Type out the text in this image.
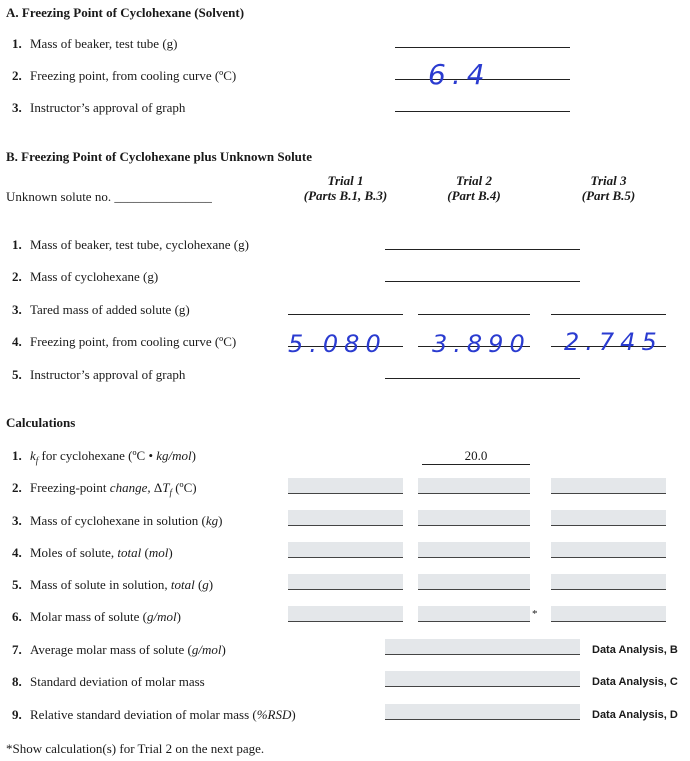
A. Freezing Point of Cyclohexane (Solvent)
1. Mass of beaker, test tube (g)
2. Freezing point, from cooling curve (ºC)	6.4
3. Instructor’s approval of graph
B. Freezing Point of Cyclohexane plus Unknown Solute
Trial 1
(Parts B.1, B.3)
Trial 2
(Part B.4)
Trial 3
(Part B.5)
Unknown solute no. _______________
1. Mass of beaker, test tube, cyclohexane (g)
2. Mass of cyclohexane (g)
3. Tared mass of added solute (g)
4. Freezing point, from cooling curve (ºC) 5.080 3.890 2.745
5. Instructor’s approval of graph
Calculations
1. $k_f$ for cyclohexane (ºC • kg/mol)	20.0
2. Freezing-point change, $\Delta T_f$ (ºC)
3. Mass of cyclohexane in solution (kg)
4. Moles of solute, total (mol)
5. Mass of solute in solution, total (g)
6. Molar mass of solute (g/mol)	*
7. Average molar mass of solute (g/mol)	Data Analysis, B
8. Standard deviation of molar mass	Data Analysis, C
9. Relative standard deviation of molar mass (%RSD)	Data Analysis, D
*Show calculation(s) for Trial 2 on the next page.
